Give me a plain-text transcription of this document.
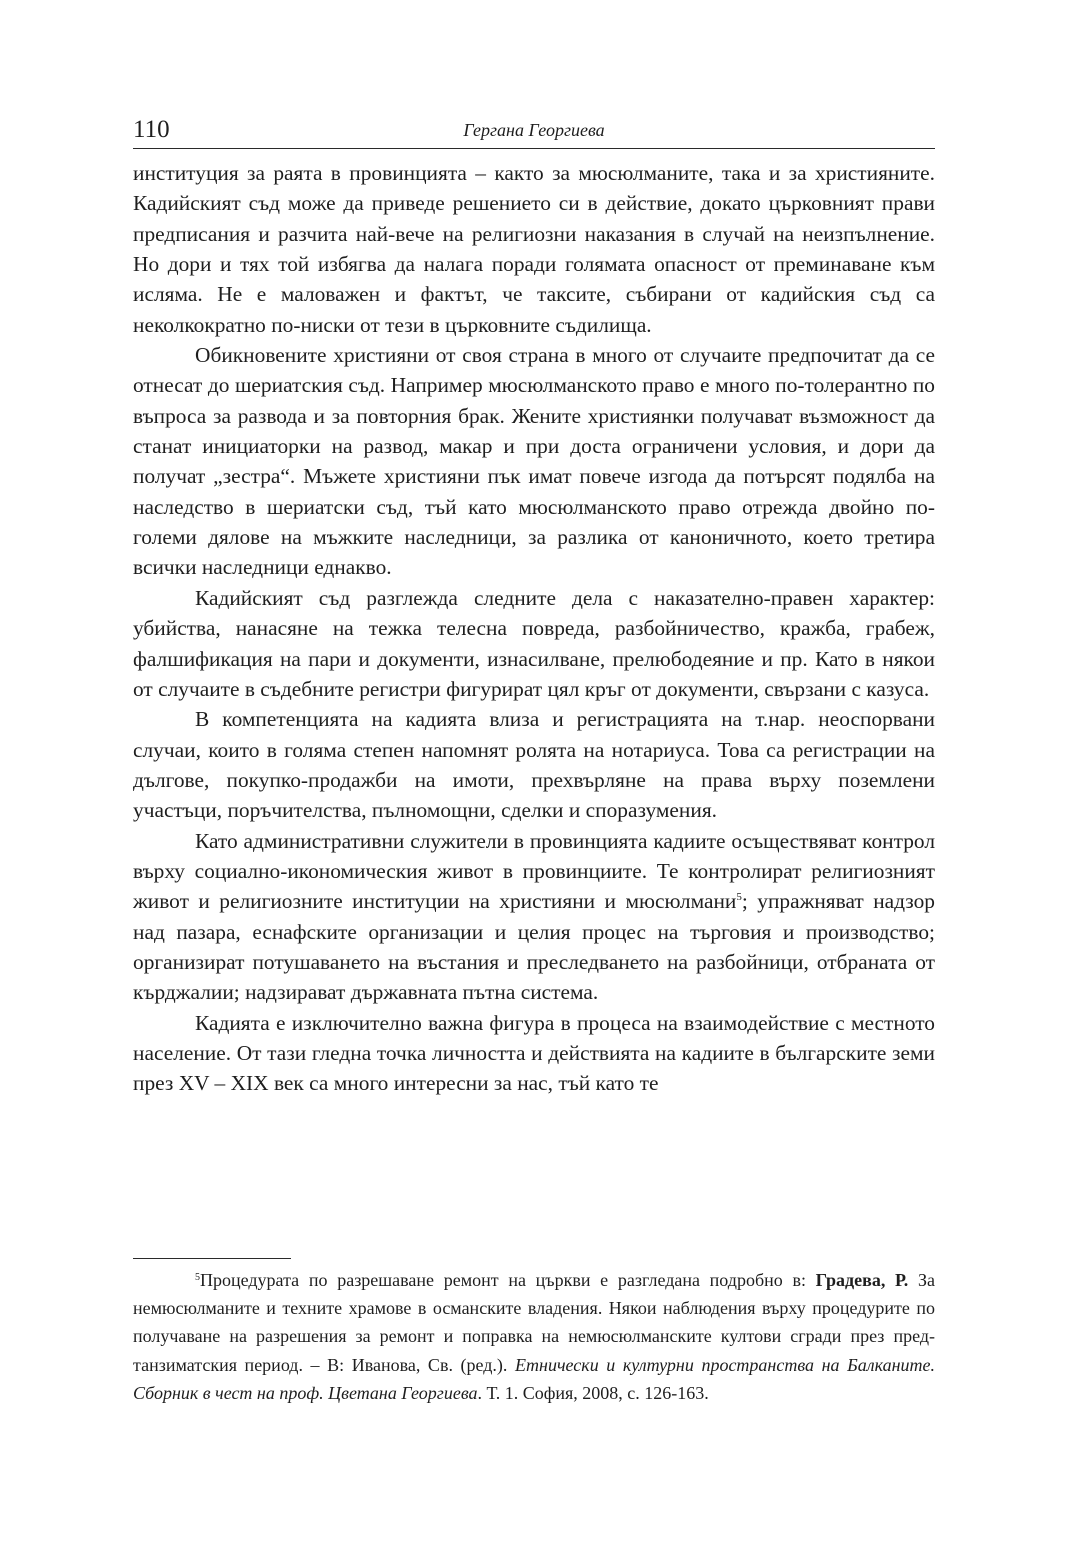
110	Гергана Георгиева

институция за раята в провинцията – както за мюсюлманите, така и за християните. Кадийският съд може да приведе решението си в действие, докато църковният прави предписания и разчита най-вече на религиозни наказания в случай на неизпълнение. Но дори и тях той избягва да налага поради голямата опасност от преминаване към исляма. Не е маловажен и фактът, че таксите, събирани от кадийския съд са неколкократно по-ниски от тези в църковните съдилища.

Обикновените християни от своя страна в много от случаите предпочитат да се отнесат до шериатския съд. Например мюсюлманското право е много по-толерантно по въпроса за развода и за повторния брак. Жените християнки получават възможност да станат инициаторки на развод, макар и при доста ограничени условия, и дори да получат „зестра“. Мъжете християни пък имат повече изгода да потърсят подялба на наследство в шериатски съд, тъй като мюсюлманското право отрежда двойно по-големи дялове на мъжките наследници, за разлика от каноничното, което третира всички наследници еднакво.

Кадийският съд разглежда следните дела с наказателно-правен характер: убийства, нанасяне на тежка телесна повреда, разбойничество, кражба, грабеж, фалшификация на пари и документи, изнасилване, прелюбодеяние и пр. Като в някои от случаите в съдебните регистри фигурират цял кръг от документи, свързани с казуса.

В компетенцията на кадията влиза и регистрацията на т.нар. неоспорвани случаи, които в голяма степен напомнят ролята на нотариуса. Това са регистрации на дългове, покупко-продажби на имоти, прехвърляне на права върху поземлени участъци, поръчителства, пълномощни, сделки и споразумения.

Като административни служители в провинцията кадиите осъществяват контрол върху социално-икономическия живот в провинциите. Те контролират религиозният живот и религиозните институции на християни и мюсюлмани$^5$; упражняват надзор над пазара, еснафските организации и целия процес на търговия и производство; организират потушаването на въстания и преследването на разбойници, отбраната от кърджалии; надзирават държавната пътна система.

Кадията е изключително важна фигура в процеса на взаимодействие с местното население. От тази гледна точка личността и действията на кадиите в българските земи през XV – XIX век са много интересни за нас, тъй като те

$^5$Процедурата по разрешаване ремонт на църкви е разгледана подробно в: Градева, Р. За немюсюлманите и техните храмове в османските владения. Някои наблюдения върху процедурите по получаване на разрешения за ремонт и поправка на немюсюлманските култови сгради през пред-танзиматския период. – В: Иванова, Св. (ред.). Етнически и културни пространства на Балканите. Сборник в чест на проф. Цветана Георгиева. Т. 1. София, 2008, с. 126-163.
